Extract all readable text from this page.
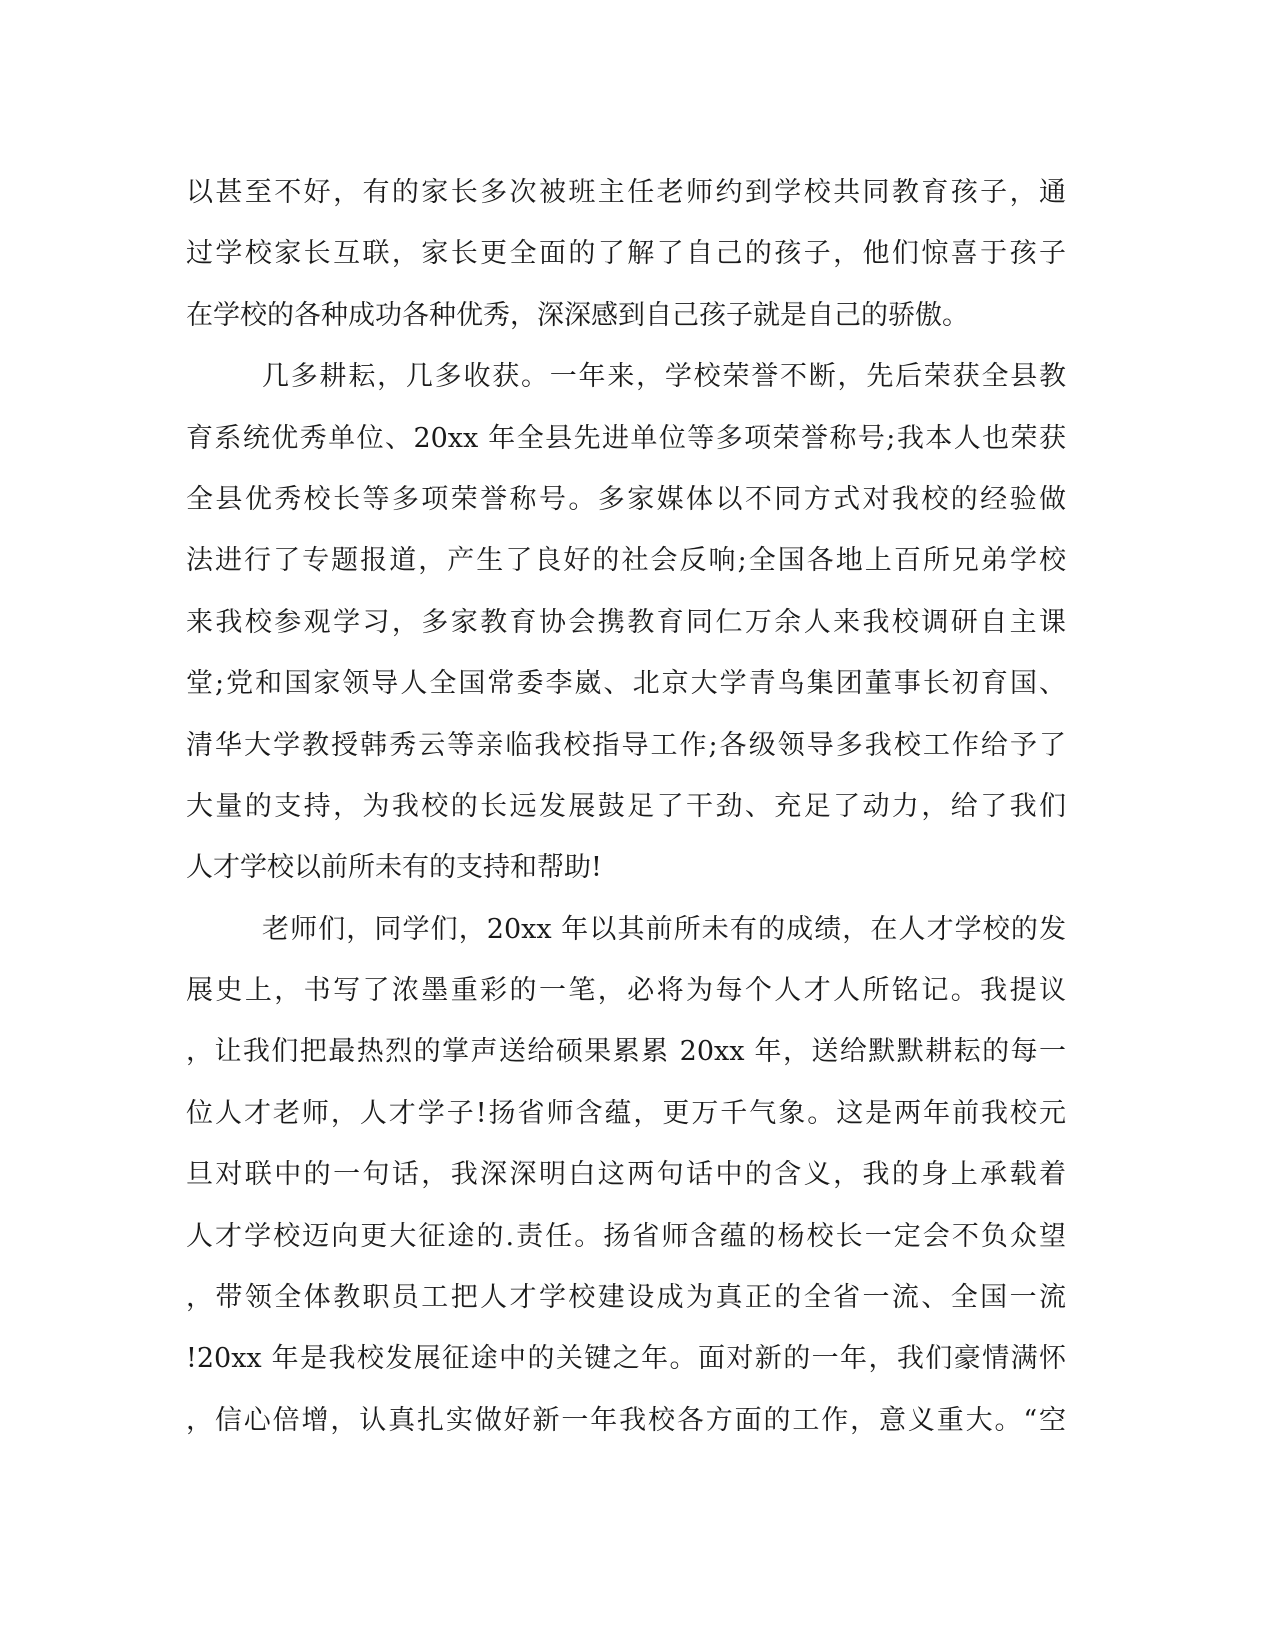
以甚至不好，有的家长多次被班主任老师约到学校共同教育孩子，通
过学校家长互联，家长更全面的了解了自己的孩子，他们惊喜于孩子
在学校的各种成功各种优秀，深深感到自己孩子就是自己的骄傲。
几多耕耘，几多收获。一年来，学校荣誉不断，先后荣获全县教
育系统优秀单位、20xx 年全县先进单位等多项荣誉称号;我本人也荣获
全县优秀校长等多项荣誉称号。多家媒体以不同方式对我校的经验做
法进行了专题报道，产生了良好的社会反响;全国各地上百所兄弟学校
来我校参观学习，多家教育协会携教育同仁万余人来我校调研自主课
堂;党和国家领导人全国常委李崴、北京大学青鸟集团董事长初育国、
清华大学教授韩秀云等亲临我校指导工作;各级领导多我校工作给予了
大量的支持，为我校的长远发展鼓足了干劲、充足了动力，给了我们
人才学校以前所未有的支持和帮助!
老师们，同学们，20xx 年以其前所未有的成绩，在人才学校的发
展史上，书写了浓墨重彩的一笔，必将为每个人才人所铭记。我提议
，让我们把最热烈的掌声送给硕果累累 20xx 年，送给默默耕耘的每一
位人才老师，人才学子!扬省师含蕴，更万千气象。这是两年前我校元
旦对联中的一句话，我深深明白这两句话中的含义，我的身上承载着
人才学校迈向更大征途的.责任。扬省师含蕴的杨校长一定会不负众望
，带领全体教职员工把人才学校建设成为真正的全省一流、全国一流
!20xx 年是我校发展征途中的关键之年。面对新的一年，我们豪情满怀
，信心倍增，认真扎实做好新一年我校各方面的工作，意义重大。“空
